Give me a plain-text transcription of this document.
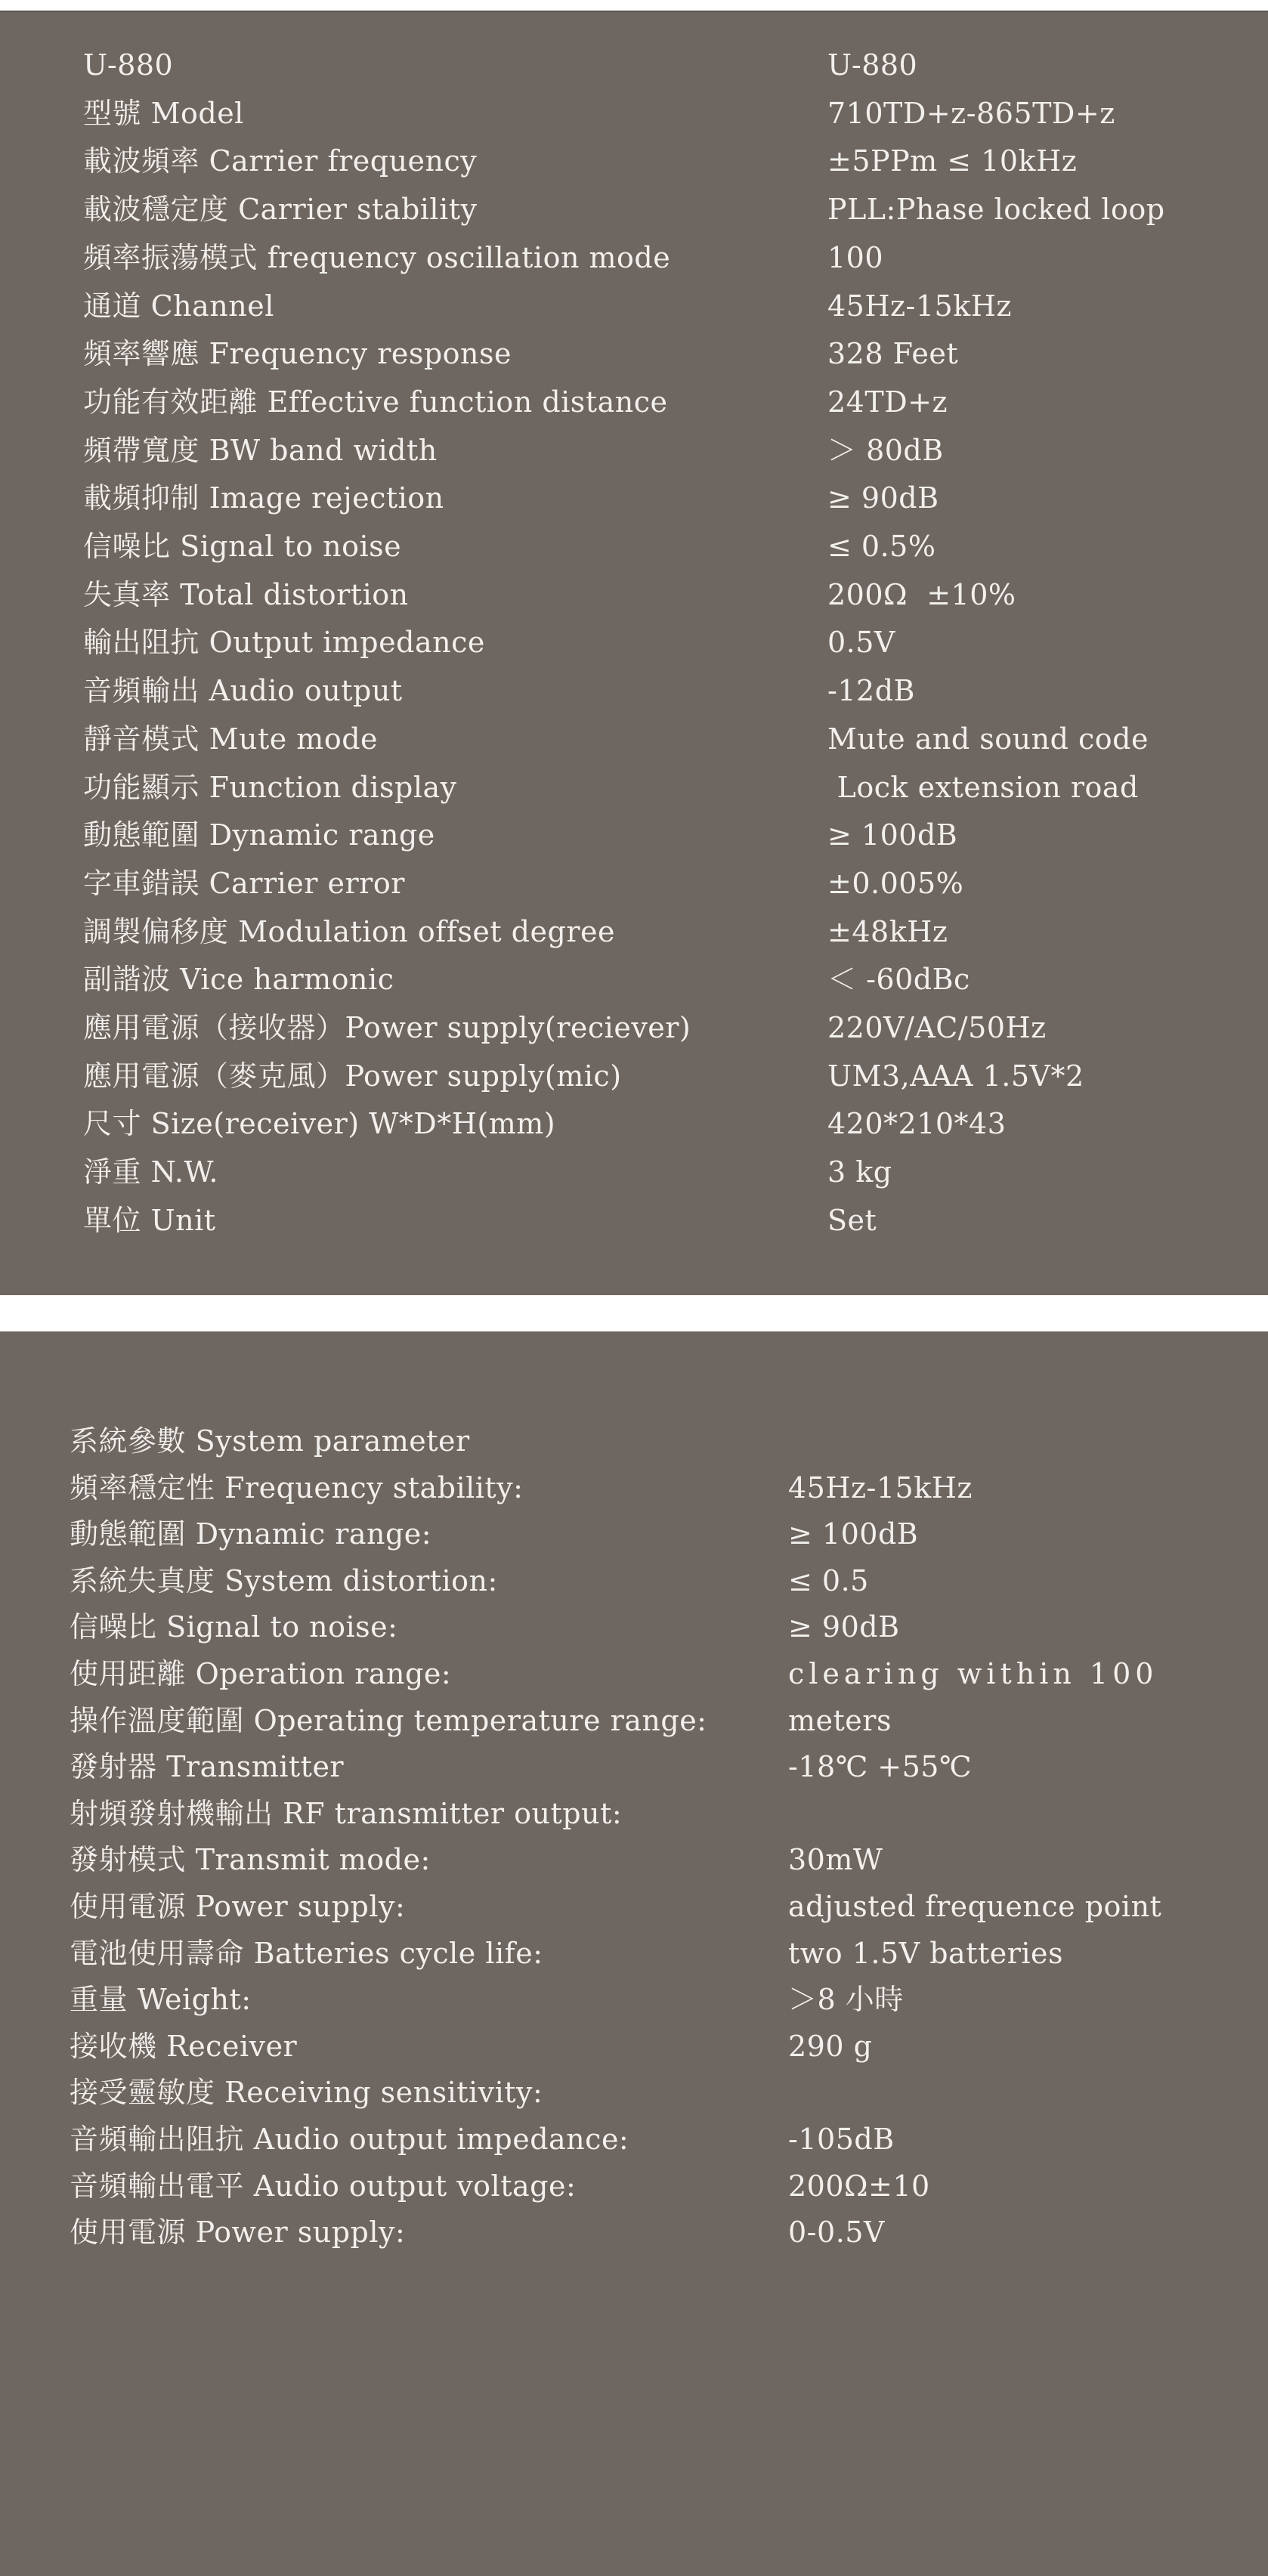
U-880	U-880
型號 Model	710TD+z-865TD+z
載波頻率 Carrier frequency	±5PPm ≤ 10kHz
載波穩定度 Carrier stability	PLL:Phase locked loop
頻率振蕩模式 frequency oscillation mode	100
通道 Channel	45Hz-15kHz
頻率響應 Frequency response	328 Feet
功能有效距離 Effective function distance	24TD+z
頻帶寬度 BW band width	＞ 80dB
載頻抑制 Image rejection	≥ 90dB
信噪比 Signal to noise	≤ 0.5%
失真率 Total distortion	200Ω  ±10%
輸出阻抗 Output impedance	0.5V
音頻輸出 Audio output	-12dB
靜音模式 Mute mode	Mute and sound code
功能顯示 Function display	Lock extension road
動態範圍 Dynamic range	≥ 100dB
字車錯誤 Carrier error	±0.005%
調製偏移度 Modulation offset degree	±48kHz
副諧波 Vice harmonic	＜ -60dBc
應用電源（接收器）Power supply(reciever)	220V/AC/50Hz
應用電源（麥克風）Power supply(mic)	UM3,AAA 1.5V*2
尺寸 Size(receiver) W*D*H(mm)	420*210*43
淨重 N.W.	3 kg
單位 Unit	Set
系統參數 System parameter
頻率穩定性 Frequency stability:	45Hz-15kHz
動態範圍 Dynamic range:	≥ 100dB
系統失真度 System distortion:	≤ 0.5
信噪比 Signal to noise:	≥ 90dB
使用距離 Operation range:	clearing within 100
操作溫度範圍 Operating temperature range:	meters
發射器 Transmitter	-18℃ +55℃
射頻發射機輸出 RF transmitter output:
發射模式 Transmit mode:	30mW
使用電源 Power supply:	adjusted frequence point
電池使用壽命 Batteries cycle life:	two 1.5V batteries
重量 Weight:	＞8 小時
接收機 Receiver	290 g
接受靈敏度 Receiving sensitivity:
音頻輸出阻抗 Audio output impedance:	-105dB
音頻輸出電平 Audio output voltage:	200Ω±10
使用電源 Power supply:	0-0.5V
